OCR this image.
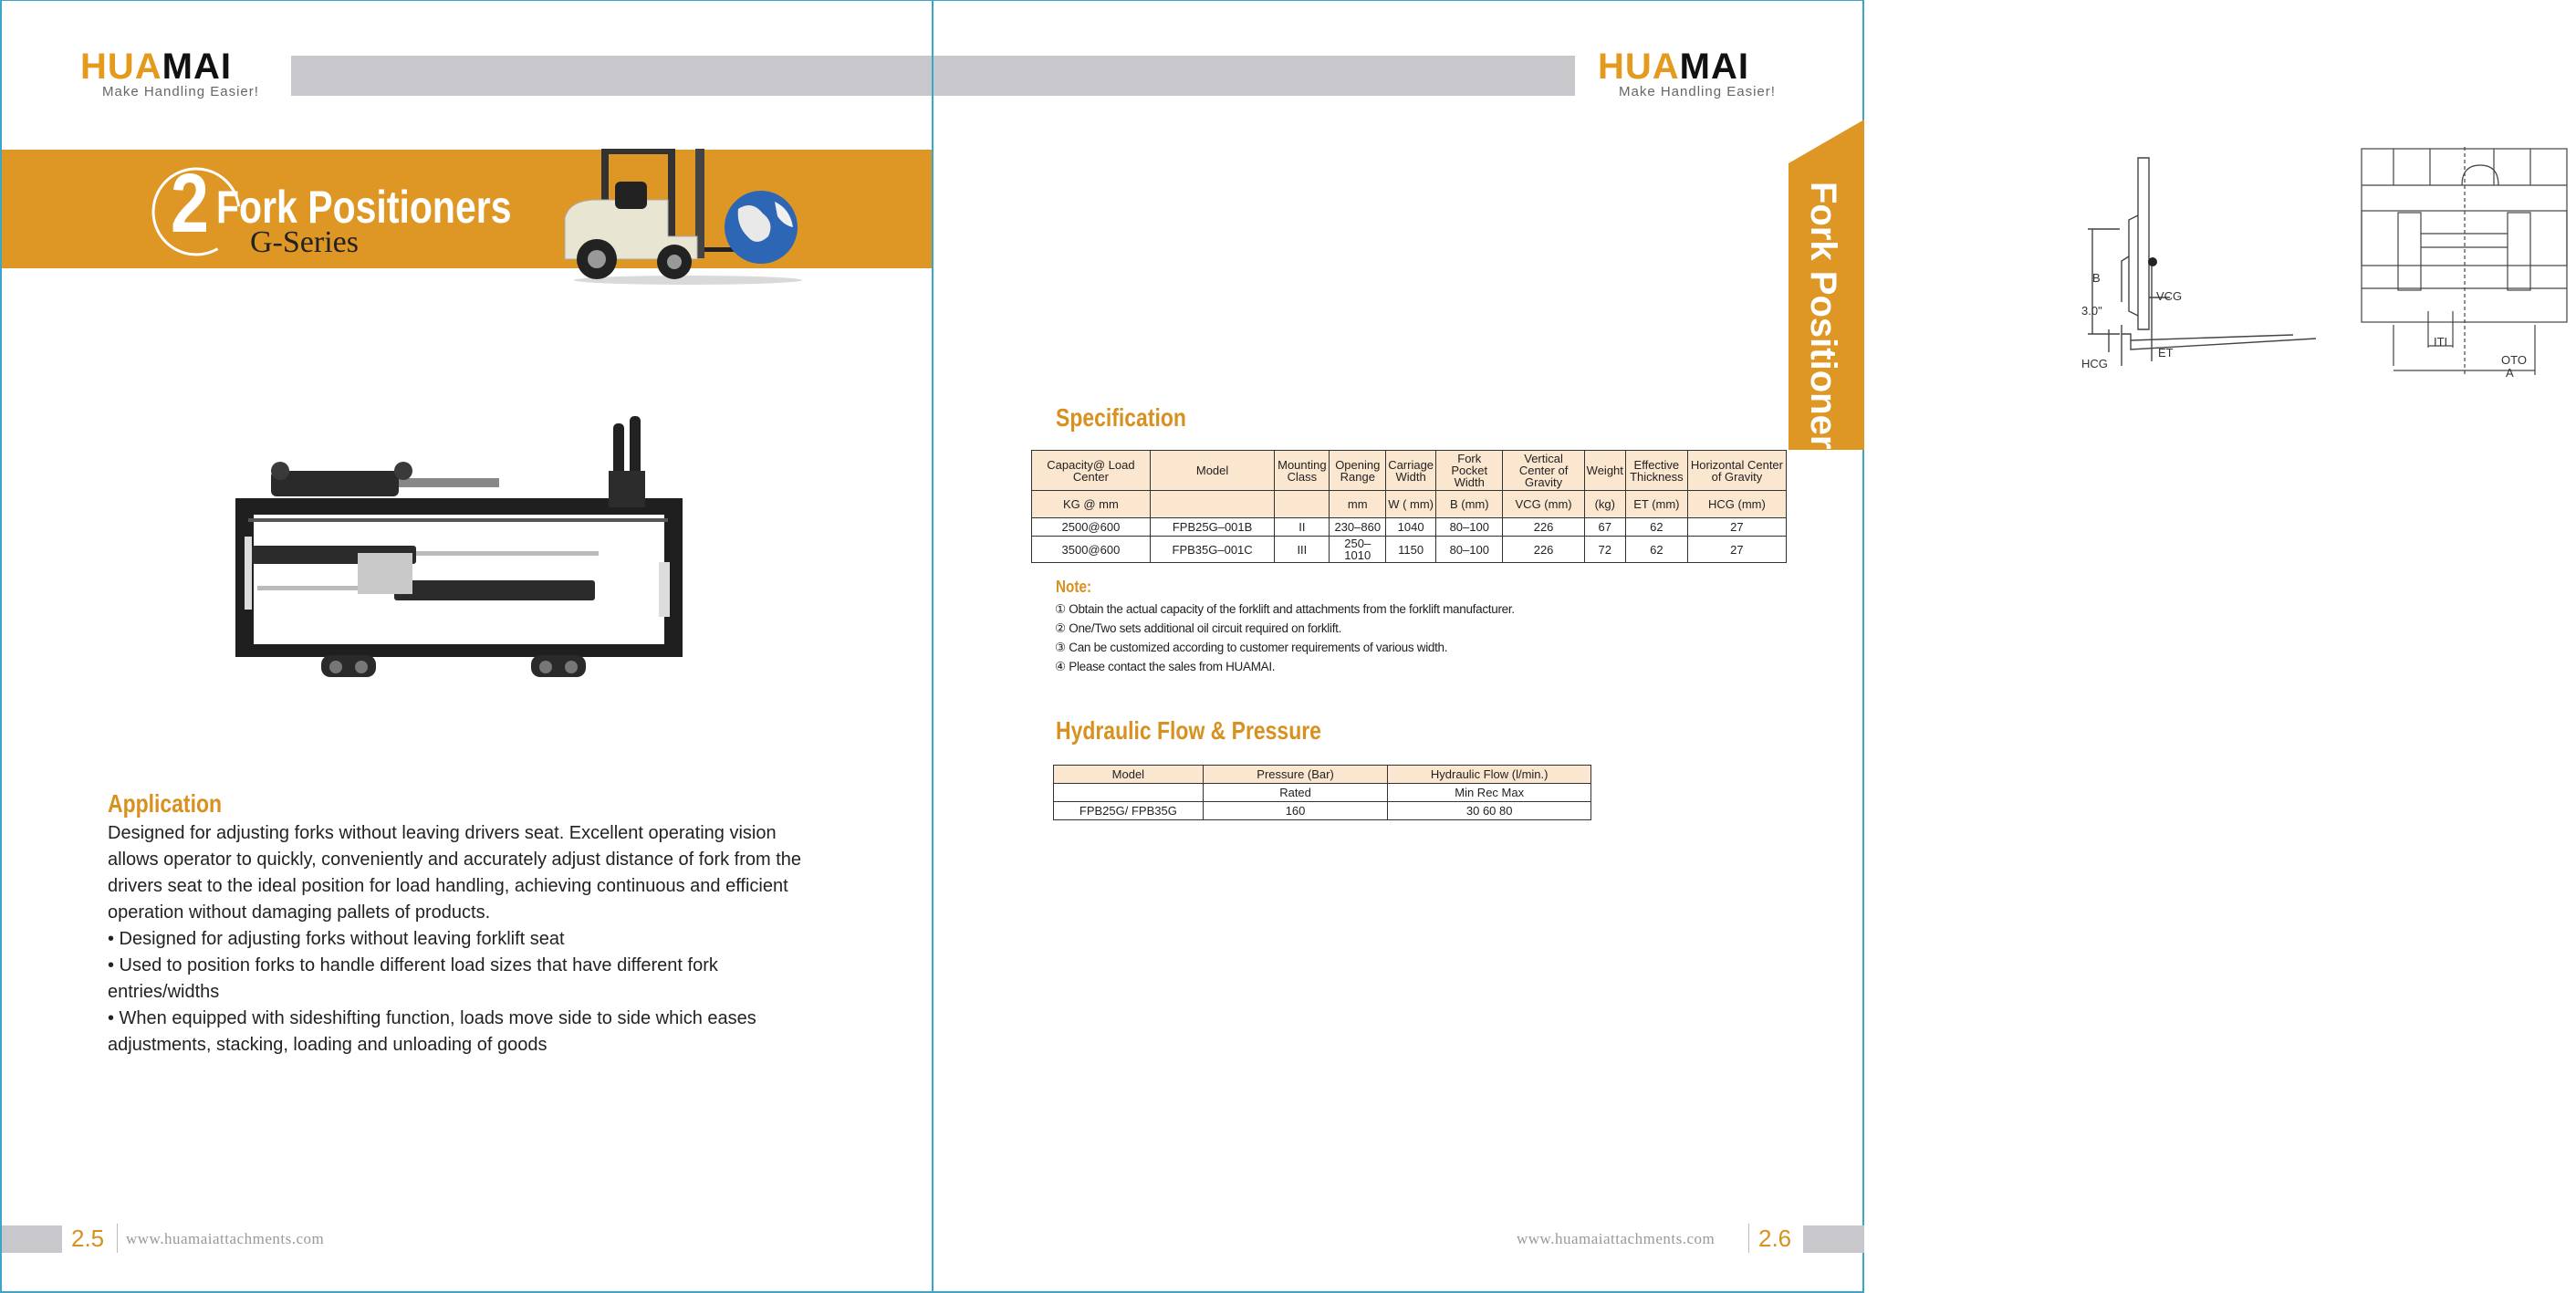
HUAMAI
Make Handling Easier!
2 Fork Positioners
G-Series
Application
Designed for adjusting forks without leaving drivers seat. Excellent operating vision allows operator to quickly, conveniently and accurately adjust distance of fork from the drivers seat to the ideal position for load handling, achieving continuous and efficient operation without damaging pallets of products.
• Designed for adjusting forks without leaving forklift seat
• Used to position forks to handle different load sizes that have different fork entries/widths
• When equipped with sideshifting function, loads move side to side which eases adjustments, stacking, loading and unloading of goods
2.5 www.huamaiattachments.com
HUAMAI
Make Handling Easier!
Fork Positioners	B
VCG
3.0"
HCG
ET
ITI
OTO
A
Specification
Capacity@ Load Center	Model	Mounting Class	Opening Range	Carriage Width	Fork Pocket Width	Vertical Center of Gravity	Weight	Effective Thickness	Horizontal Center of Gravity
KG @ mm			mm	W ( mm)	B (mm)	VCG (mm)	(kg)	ET (mm)	HCG (mm)
2500@600	FPB25G–001B	II	230–860	1040	80–100	226	67	62	27
3500@600	FPB35G–001C	III	250–1010	1150	80–100	226	72	62	27
Note:
① Obtain the actual capacity of the forklift and attachments from the forklift manufacturer.
② One/Two sets additional oil circuit required on forklift.
③ Can be customized according to customer requirements of various width.
④ Please contact the sales from HUAMAI.
Hydraulic Flow & Pressure
Model	Pressure (Bar)	Hydraulic Flow (l/min.)
	Rated	Min Rec Max
FPB25G/ FPB35G	160	30 60 80
www.huamaiattachments.com 2.6
